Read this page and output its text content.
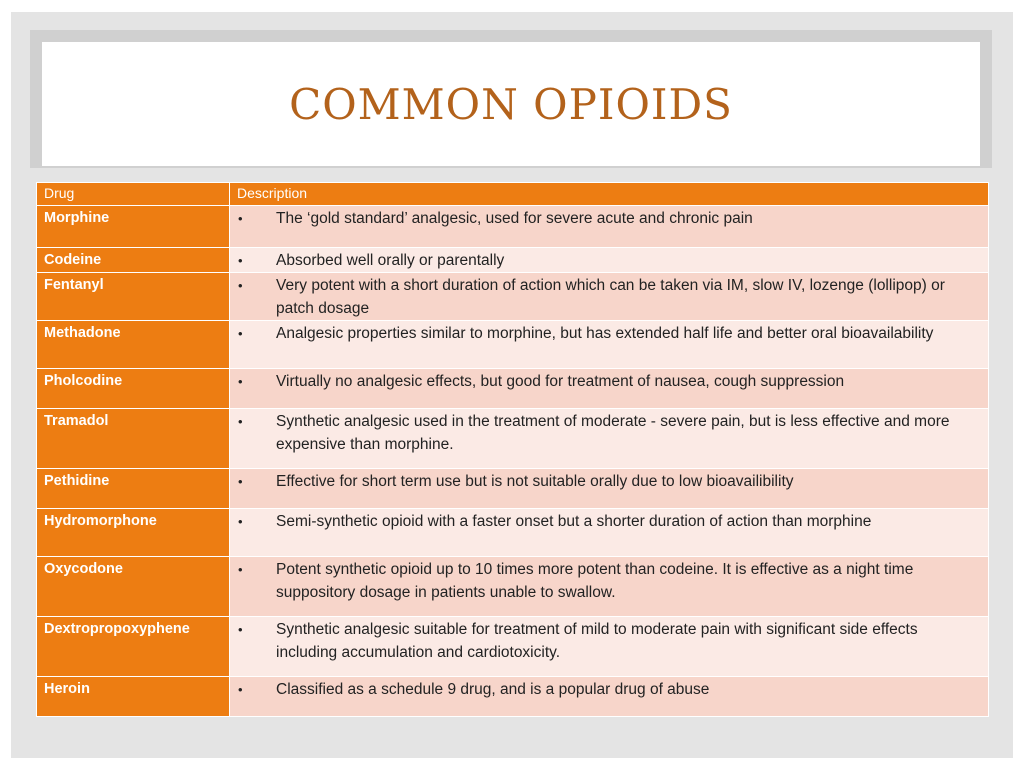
COMMON OPIOIDS
Drug	Description
Morphine	• The ‘gold standard’ analgesic, used for severe acute and chronic pain

Codeine	• Absorbed well orally or parentally

Fentanyl	• Very potent with a short duration of action which can be taken via IM, slow IV, lozenge (lollipop) or patch dosage

Methadone	• Analgesic properties similar to morphine, but has extended half life and better oral bioavailability

Pholcodine	• Virtually no analgesic effects, but good for treatment of nausea, cough suppression

Tramadol	• Synthetic analgesic used in the treatment of moderate - severe pain, but is less effective and more expensive than morphine.

Pethidine	• Effective for short term use but is not suitable orally due to low bioavailibility

Hydromorphone	• Semi-synthetic opioid with a faster onset but a shorter duration of action than morphine

Oxycodone	• Potent synthetic opioid up to 10 times more potent than codeine. It is effective as a night time suppository dosage in patients unable to swallow.

Dextropropoxyphene	• Synthetic analgesic suitable for treatment of mild to moderate pain with significant side effects including accumulation and cardiotoxicity.

Heroin	• Classified as a schedule 9 drug, and is a popular drug of abuse
